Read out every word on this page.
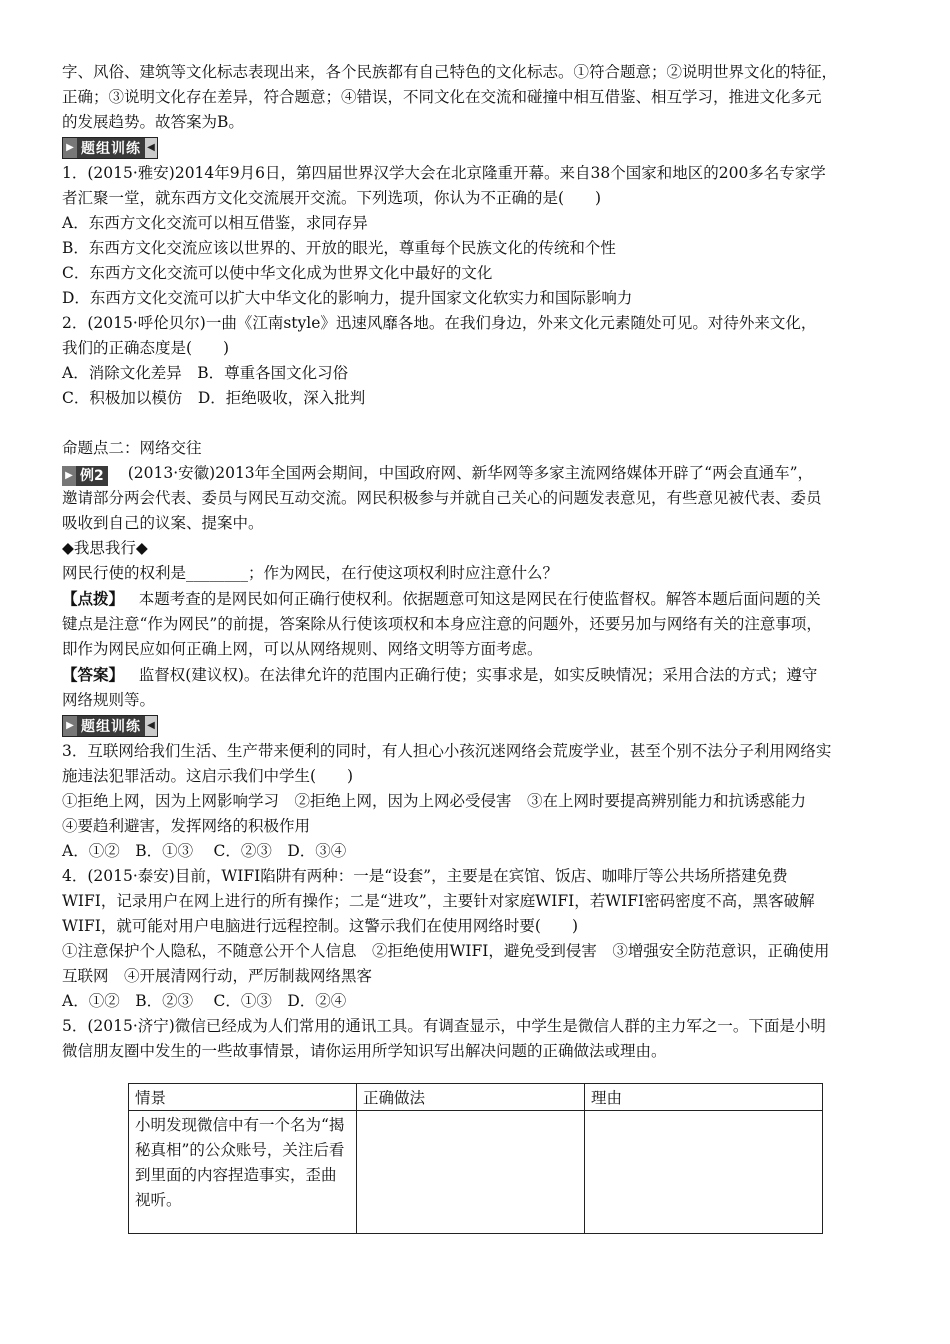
字、风俗、建筑等文化标志表现出来，各个民族都有自己特色的文化标志。①符合题意；②说明世界文化的特征，
正确；③说明文化存在差异，符合题意；④错误，不同文化在交流和碰撞中相互借鉴、相互学习，推进文化多元
的发展趋势。故答案为B。
▶ 题组训练 ◀
1．(2015·雅安)2014年9月6日，第四届世界汉学大会在北京隆重开幕。来自38个国家和地区的200多名专家学
者汇聚一堂，就东西方文化交流展开交流。下列选项，你认为不正确的是(　　)
A．东西方文化交流可以相互借鉴，求同存异
B．东西方文化交流应该以世界的、开放的眼光，尊重每个民族文化的传统和个性
C．东西方文化交流可以使中华文化成为世界文化中最好的文化
D．东西方文化交流可以扩大中华文化的影响力，提升国家文化软实力和国际影响力
2．(2015·呼伦贝尔)一曲《江南style》迅速风靡各地。在我们身边，外来文化元素随处可见。对待外来文化，
我们的正确态度是(　　)
A．消除文化差异　B．尊重各国文化习俗
C．积极加以模仿　D．拒绝吸收，深入批判
命题点二：网络交往
▶ 例2 (2013·安徽)2013年全国两会期间，中国政府网、新华网等多家主流网络媒体开辟了“两会直通车”，
邀请部分两会代表、委员与网民互动交流。网民积极参与并就自己关心的问题发表意见，有些意见被代表、委员
吸收到自己的议案、提案中。
◆我思我行◆
网民行使的权利是________；作为网民，在行使这项权利时应注意什么？
【点拨】 本题考查的是网民如何正确行使权利。依据题意可知这是网民在行使监督权。解答本题后面问题的关
键点是注意“作为网民”的前提，答案除从行使该项权和本身应注意的问题外，还要另加与网络有关的注意事项，
即作为网民应如何正确上网，可以从网络规则、网络文明等方面考虑。
【答案】 监督权(建议权)。在法律允许的范围内正确行使；实事求是，如实反映情况；采用合法的方式；遵守
网络规则等。
▶ 题组训练 ◀
3．互联网给我们生活、生产带来便利的同时，有人担心小孩沉迷网络会荒废学业，甚至个别不法分子利用网络实
施违法犯罪活动。这启示我们中学生(　　)
①拒绝上网，因为上网影响学习　②拒绝上网，因为上网必受侵害　③在上网时要提高辨别能力和抗诱惑能力
④要趋利避害，发挥网络的积极作用
A．①②　B．①③　 C．②③　D．③④
4．(2015·泰安)目前，WIFI陷阱有两种：一是“设套”，主要是在宾馆、饭店、咖啡厅等公共场所搭建免费
WIFI，记录用户在网上进行的所有操作；二是“进攻”，主要针对家庭WIFI，若WIFI密码密度不高，黑客破解
WIFI，就可能对用户电脑进行远程控制。这警示我们在使用网络时要(　　)
①注意保护个人隐私，不随意公开个人信息　②拒绝使用WIFI，避免受到侵害　③增强安全防范意识，正确使用
互联网　④开展清网行动，严厉制裁网络黑客
A．①②　B．②③　 C．①③　D．②④
5．(2015·济宁)微信已经成为人们常用的通讯工具。有调查显示，中学生是微信人群的主力军之一。下面是小明
微信朋友圈中发生的一些故事情景，请你运用所学知识写出解决问题的正确做法或理由。
情景	正确做法	理由
小明发现微信中有一个名为“揭秘真相”的公众账号，关注后看到里面的内容捏造事实，歪曲视听。		
